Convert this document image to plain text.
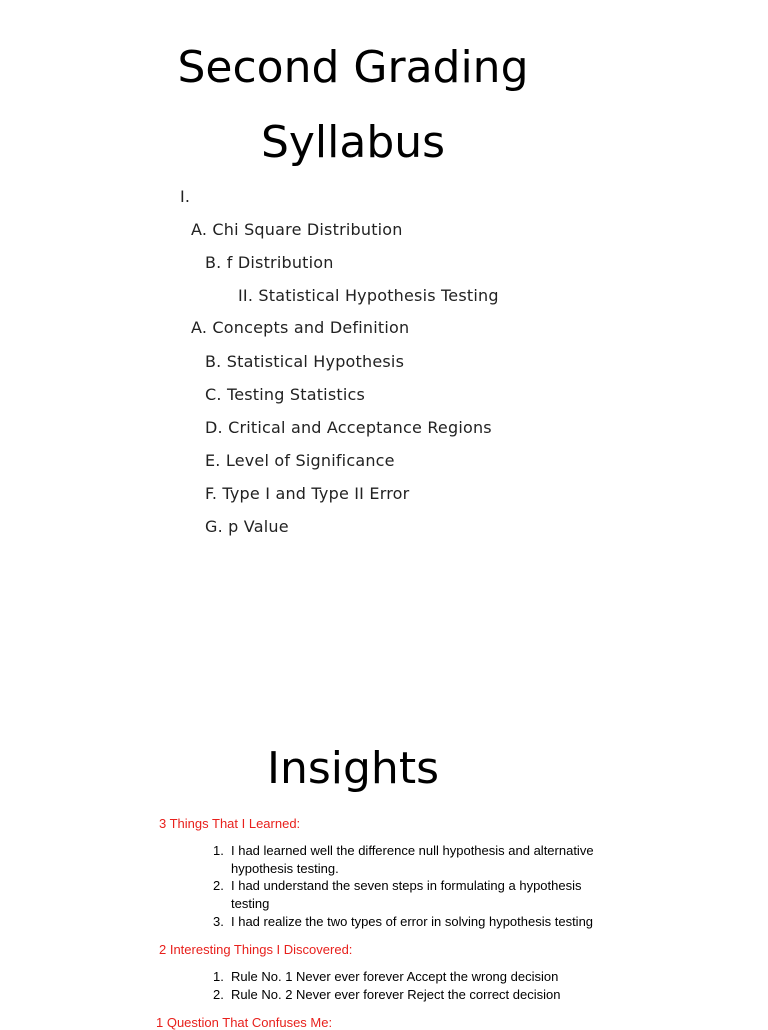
Second Grading
Syllabus
I.
A. Chi Square Distribution
B. f Distribution
II. Statistical Hypothesis Testing
A. Concepts and Definition
B. Statistical Hypothesis
C. Testing Statistics
D. Critical and Acceptance Regions
E. Level of Significance
F. Type I and Type II Error
G. p Value
Insights
3 Things That I Learned:
1. I had learned well the difference null hypothesis and alternative hypothesis testing.
2. I had understand the seven steps in formulating a hypothesis testing
3. I had realize the two types of error in solving hypothesis testing
2 Interesting Things I Discovered:
1. Rule No. 1 Never ever forever Accept the wrong decision
2. Rule No. 2 Never ever forever Reject the correct decision
1 Question That Confuses Me:
